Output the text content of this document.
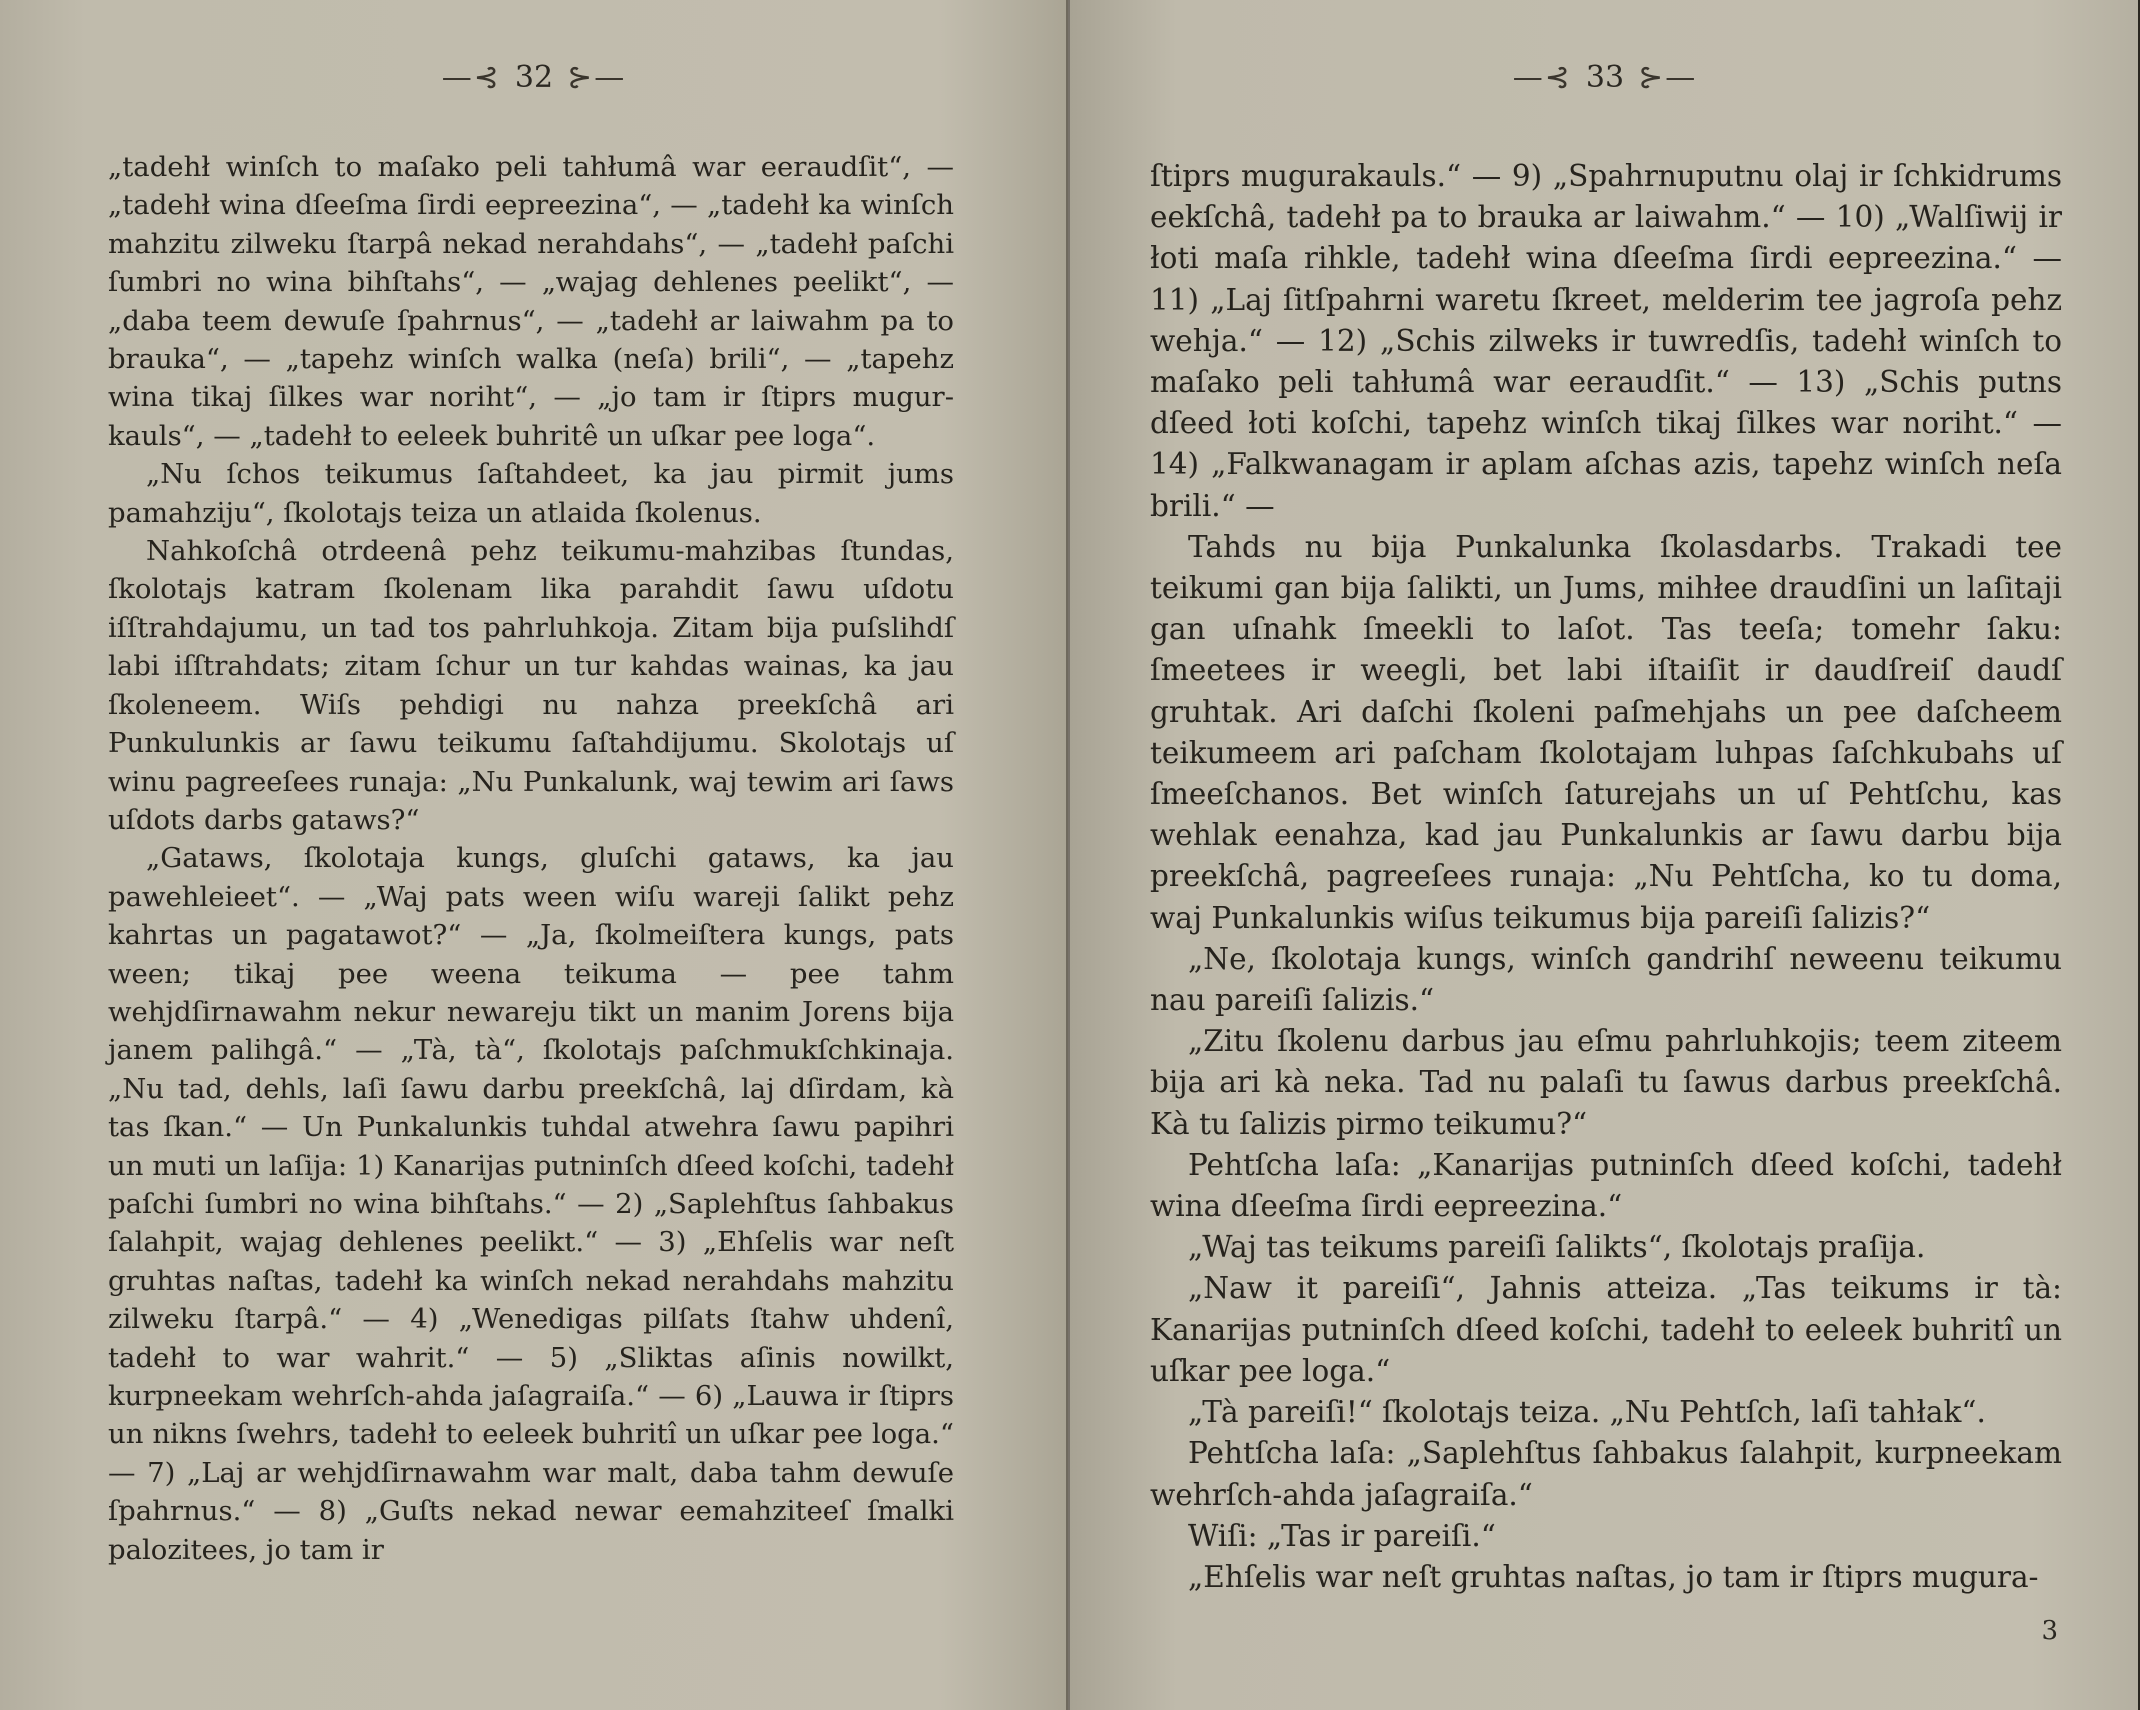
—⊰ 32 ⊱—

„tadehł winſch to maſako peli tahłumâ war eeraudſit“, — „tadehł wina dſeeſma ſirdi eepreezina“, — „tadehł ka winſch mahzitu zilweku ſtarpâ nekad nerahdahs“, — „tadehł paſchi ſumbri no wina bihſtahs“, — „wajag dehlenes peelikt“, — „daba teem dewuſe ſpahrnus“, — „tadehł ar laiwahm pa to brauka“, — „tapehz winſch walka (neſa) brili“, — „tapehz wina tikaj ſilkes war noriht“, — „jo tam ir ſtiprs mugur-kauls“, — „tadehł to eeleek buhritê un uſkar pee loga“.

„Nu ſchos teikumus ſaſtahdeet, ka jau pirmit jums pamahziju“, ſkolotajs teiza un atlaida ſkolenus.

Nahkoſchâ otrdeenâ pehz teikumu-mahzibas ſtundas, ſkolotajs katram ſkolenam lika parahdit ſawu uſdotu iſſtrahdajumu, un tad tos pahrluhkoja. Zitam bija puſslihdſ labi iſſtrahdats; zitam ſchur un tur kahdas wainas, ka jau ſkoleneem. Wiſs pehdigi nu nahza preekſchâ ari Punkulunkis ar ſawu teikumu ſaſtahdijumu. Skolotajs uſ winu pagreeſees runaja: „Nu Punkalunk, waj tewim ari ſaws uſdots darbs gataws?“

„Gataws, ſkolotaja kungs, gluſchi gataws, ka jau pawehleieet“. — „Waj pats ween wiſu wareji ſalikt pehz kahrtas un pagatawot?“ — „Ja, ſkolmeiſtera kungs, pats ween; tikaj pee weena teikuma — pee tahm wehjdſirnawahm nekur newareju tikt un manim Jorens bija janem palihgâ.“ — „Tà, tà“, ſkolotajs paſchmukſchkinaja. „Nu tad, dehls, laſi ſawu darbu preekſchâ, laj dſirdam, kà tas ſkan.“ — Un Punkalunkis tuhdal atwehra ſawu papihri un muti un laſija: 1) Kanarijas putninſch dſeed koſchi, tadehł paſchi ſumbri no wina bihſtahs.“ — 2) „Saplehſtus ſahbakus ſalahpit, wajag dehlenes peelikt.“ — 3) „Ehſelis war neſt gruhtas naſtas, tadehł ka winſch nekad nerahdahs mahzitu zilweku ſtarpâ.“ — 4) „Wenedigas pilſats ſtahw uhdenî, tadehł to war wahrit.“ — 5) „Sliktas aſinis nowilkt, kurpneekam wehrſch-ahda jaſagraiſa.“ — 6) „Lauwa ir ſtiprs un nikns ſwehrs, tadehł to eeleek buhritî un uſkar pee loga.“ — 7) „Laj ar wehjdſirnawahm war malt, daba tahm dewuſe ſpahrnus.“ — 8) „Guſts nekad newar eemahziteeſ ſmalki palozitees, jo tam ir

—⊰ 33 ⊱—

ſtiprs mugurakauls.“ — 9) „Spahrnuputnu olaj ir ſchkidrums eekſchâ, tadehł pa to brauka ar laiwahm.“ — 10) „Walſiwij ir łoti maſa rihkle, tadehł wina dſeeſma ſirdi eepreezina.“ — 11) „Laj ſitſpahrni waretu ſkreet, melderim tee jagroſa pehz wehja.“ — 12) „Schis zilweks ir tuwredſis, tadehł winſch to maſako peli tahłumâ war eeraudſit.“ — 13) „Schis putns dſeed łoti koſchi, tapehz winſch tikaj ſilkes war noriht.“ — 14) „Falkwanagam ir aplam aſchas azis, tapehz winſch neſa brili.“ —

Tahds nu bija Punkalunka ſkolasdarbs. Trakadi tee teikumi gan bija ſalikti, un Jums, mihłee draudſini un laſitaji gan uſnahk ſmeekli to laſot. Tas teeſa; tomehr ſaku: ſmeetees ir weegli, bet labi iſtaiſit ir daudſreiſ daudſ gruhtak. Ari daſchi ſkoleni paſmehjahs un pee daſcheem teikumeem ari paſcham ſkolotajam luhpas ſaſchkubahs uſ ſmeeſchanos. Bet winſch ſaturejahs un uſ Pehtſchu, kas wehlak eenahza, kad jau Punkalunkis ar ſawu darbu bija preekſchâ, pagreeſees runaja: „Nu Pehtſcha, ko tu doma, waj Punkalunkis wiſus teikumus bija pareiſi ſalizis?“

„Ne, ſkolotaja kungs, winſch gandrihſ neweenu teikumu nau pareiſi ſalizis.“

„Zitu ſkolenu darbus jau eſmu pahrluhkojis; teem ziteem bija ari kà neka. Tad nu palaſi tu ſawus darbus preekſchâ. Kà tu ſalizis pirmo teikumu?“

Pehtſcha laſa: „Kanarijas putninſch dſeed koſchi, tadehł wina dſeeſma ſirdi eepreezina.“

„Waj tas teikums pareiſi ſalikts“, ſkolotajs praſija.

„Naw it pareiſi“, Jahnis atteiza. „Tas teikums ir tà: Kanarijas putninſch dſeed koſchi, tadehł to eeleek buhritî un uſkar pee loga.“

„Tà pareiſi!“ ſkolotajs teiza. „Nu Pehtſch, laſi tahłak“.

Pehtſcha laſa: „Saplehſtus ſahbakus ſalahpit, kurpneekam wehrſch-ahda jaſagraiſa.“

Wiſi: „Tas ir pareiſi.“

„Ehſelis war neſt gruhtas naſtas, jo tam ir ſtiprs mugura-

3
